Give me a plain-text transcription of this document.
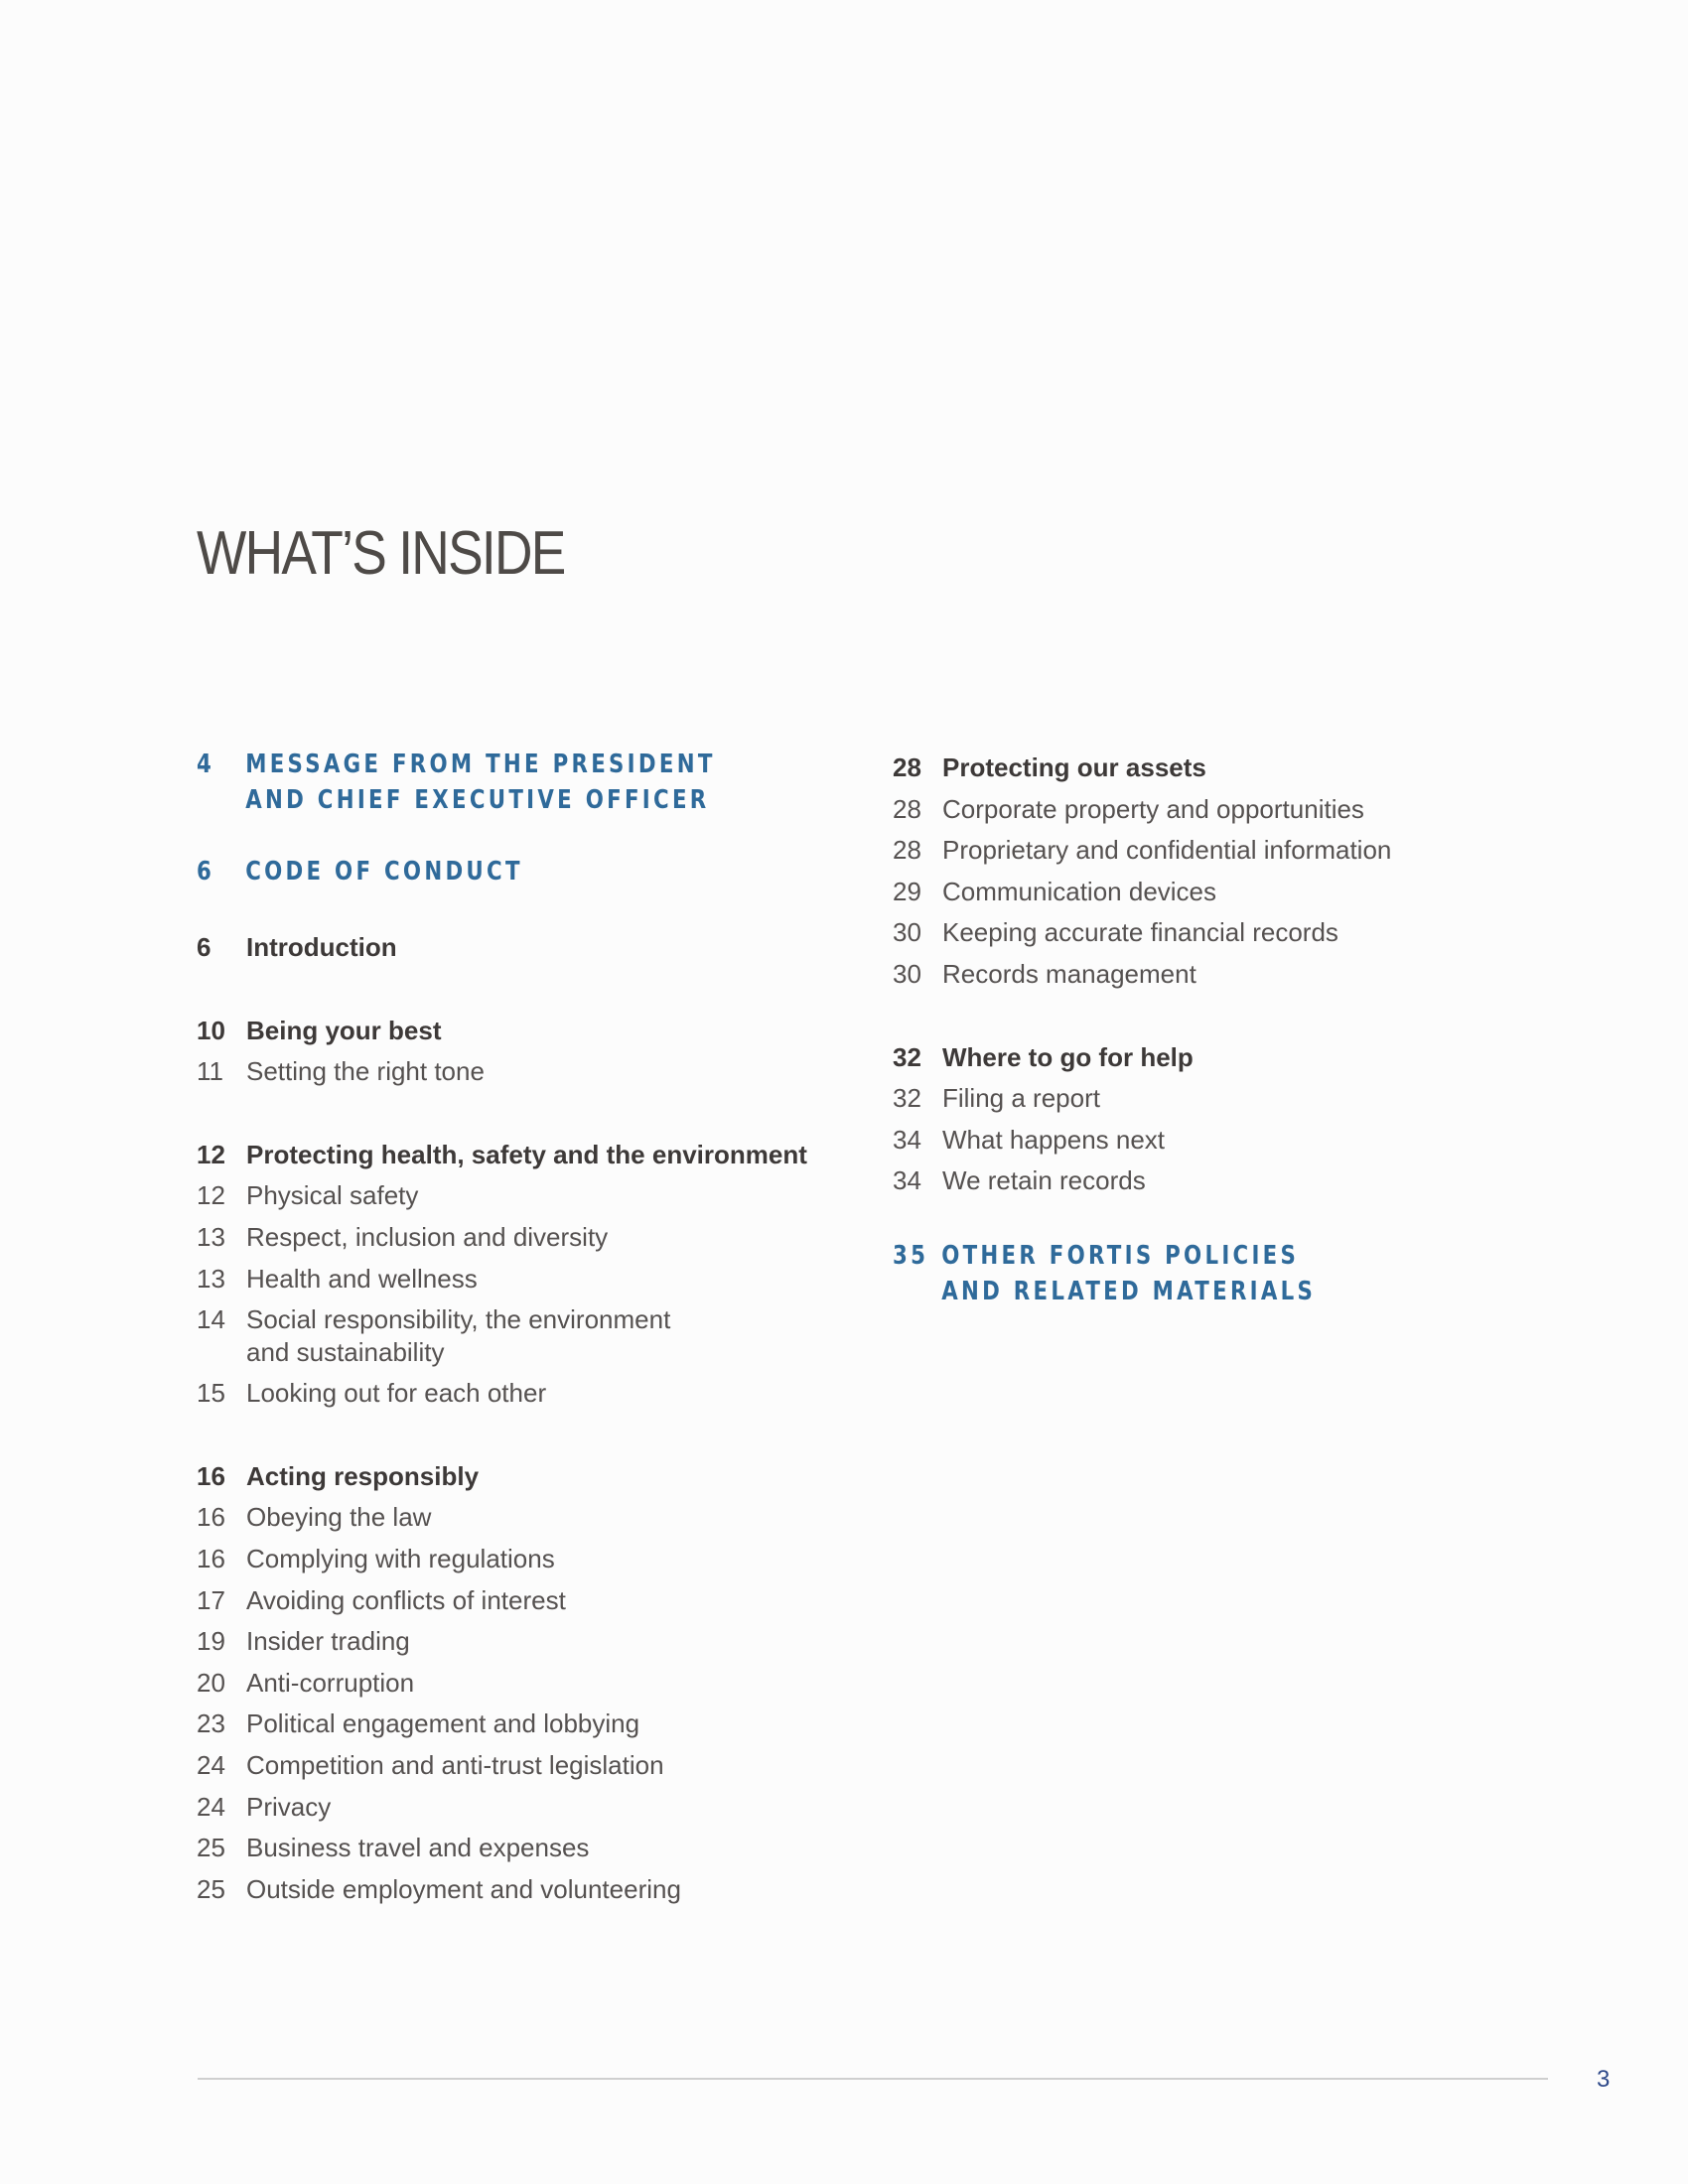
WHAT’S INSIDE
4	MESSAGE FROM THE PRESIDENT
AND CHIEF EXECUTIVE OFFICER
6	CODE OF CONDUCT
6	Introduction
10 Being your best
11 Setting the right tone
12 Protecting health, safety and the environment
12 Physical safety
13 Respect, inclusion and diversity
13 Health and wellness
14 Social responsibility, the environment
and sustainability
15 Looking out for each other
16 Acting responsibly
16 Obeying the law
16 Complying with regulations
17 Avoiding conflicts of interest
19 Insider trading
20 Anti-corruption
23 Political engagement and lobbying
24 Competition and anti-trust legislation
24 Privacy
25 Business travel and expenses
25 Outside employment and volunteering
28 Protecting our assets
28 Corporate property and opportunities
28 Proprietary and confidential information
29 Communication devices
30 Keeping accurate financial records
30 Records management
32 Where to go for help
32 Filing a report
34 What happens next
34 We retain records
35 OTHER FORTIS POLICIES
AND RELATED MATERIALS
3
